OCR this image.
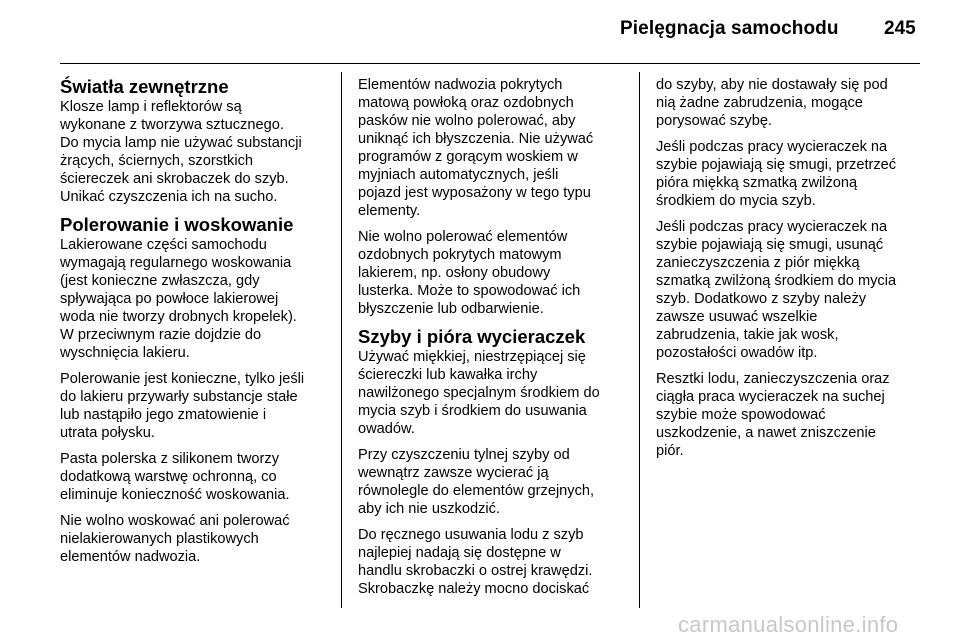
Pielęgnacja samochodu 245
Światła zewnętrzne

Klosze lamp i reflektorów są
wykonane z tworzywa sztucznego.
Do mycia lamp nie używać substancji
żrących, ściernych, szorstkich
ściereczek ani skrobaczek do szyb.
Unikać czyszczenia ich na sucho.

Polerowanie i woskowanie

Lakierowane części samochodu
wymagają regularnego woskowania
(jest konieczne zwłaszcza, gdy
spływająca po powłoce lakierowej
woda nie tworzy drobnych kropelek).
W przeciwnym razie dojdzie do
wyschnięcia lakieru.

Polerowanie jest konieczne, tylko jeśli
do lakieru przywarły substancje stałe
lub nastąpiło jego zmatowienie i
utrata połysku.

Pasta polerska z silikonem tworzy
dodatkową warstwę ochronną, co
eliminuje konieczność woskowania.

Nie wolno woskować ani polerować
nielakierowanych plastikowych
elementów nadwozia.

Elementów nadwozia pokrytych
matową powłoką oraz ozdobnych
pasków nie wolno polerować, aby
uniknąć ich błyszczenia. Nie używać
programów z gorącym woskiem w
myjniach automatycznych, jeśli
pojazd jest wyposażony w tego typu
elementy.

Nie wolno polerować elementów
ozdobnych pokrytych matowym
lakierem, np. osłony obudowy
lusterka. Może to spowodować ich
błyszczenie lub odbarwienie.

Szyby i pióra wycieraczek

Używać miękkiej, niestrzępiącej się
ściereczki lub kawałka irchy
nawilżonego specjalnym środkiem do
mycia szyb i środkiem do usuwania
owadów.

Przy czyszczeniu tylnej szyby od
wewnątrz zawsze wycierać ją
równolegle do elementów grzejnych,
aby ich nie uszkodzić.

Do ręcznego usuwania lodu z szyb
najlepiej nadają się dostępne w
handlu skrobaczki o ostrej krawędzi.
Skrobaczkę należy mocno dociskać

do szyby, aby nie dostawały się pod
nią żadne zabrudzenia, mogące
porysować szybę.

Jeśli podczas pracy wycieraczek na
szybie pojawiają się smugi, przetrzeć
pióra miękką szmatką zwilżoną
środkiem do mycia szyb.

Jeśli podczas pracy wycieraczek na
szybie pojawiają się smugi, usunąć
zanieczyszczenia z piór miękką
szmatką zwilżoną środkiem do mycia
szyb. Dodatkowo z szyby należy
zawsze usuwać wszelkie
zabrudzenia, takie jak wosk,
pozostałości owadów itp.

Resztki lodu, zanieczyszczenia oraz
ciągła praca wycieraczek na suchej
szybie może spowodować
uszkodzenie, a nawet zniszczenie
piór.

carmanualsonline.info
